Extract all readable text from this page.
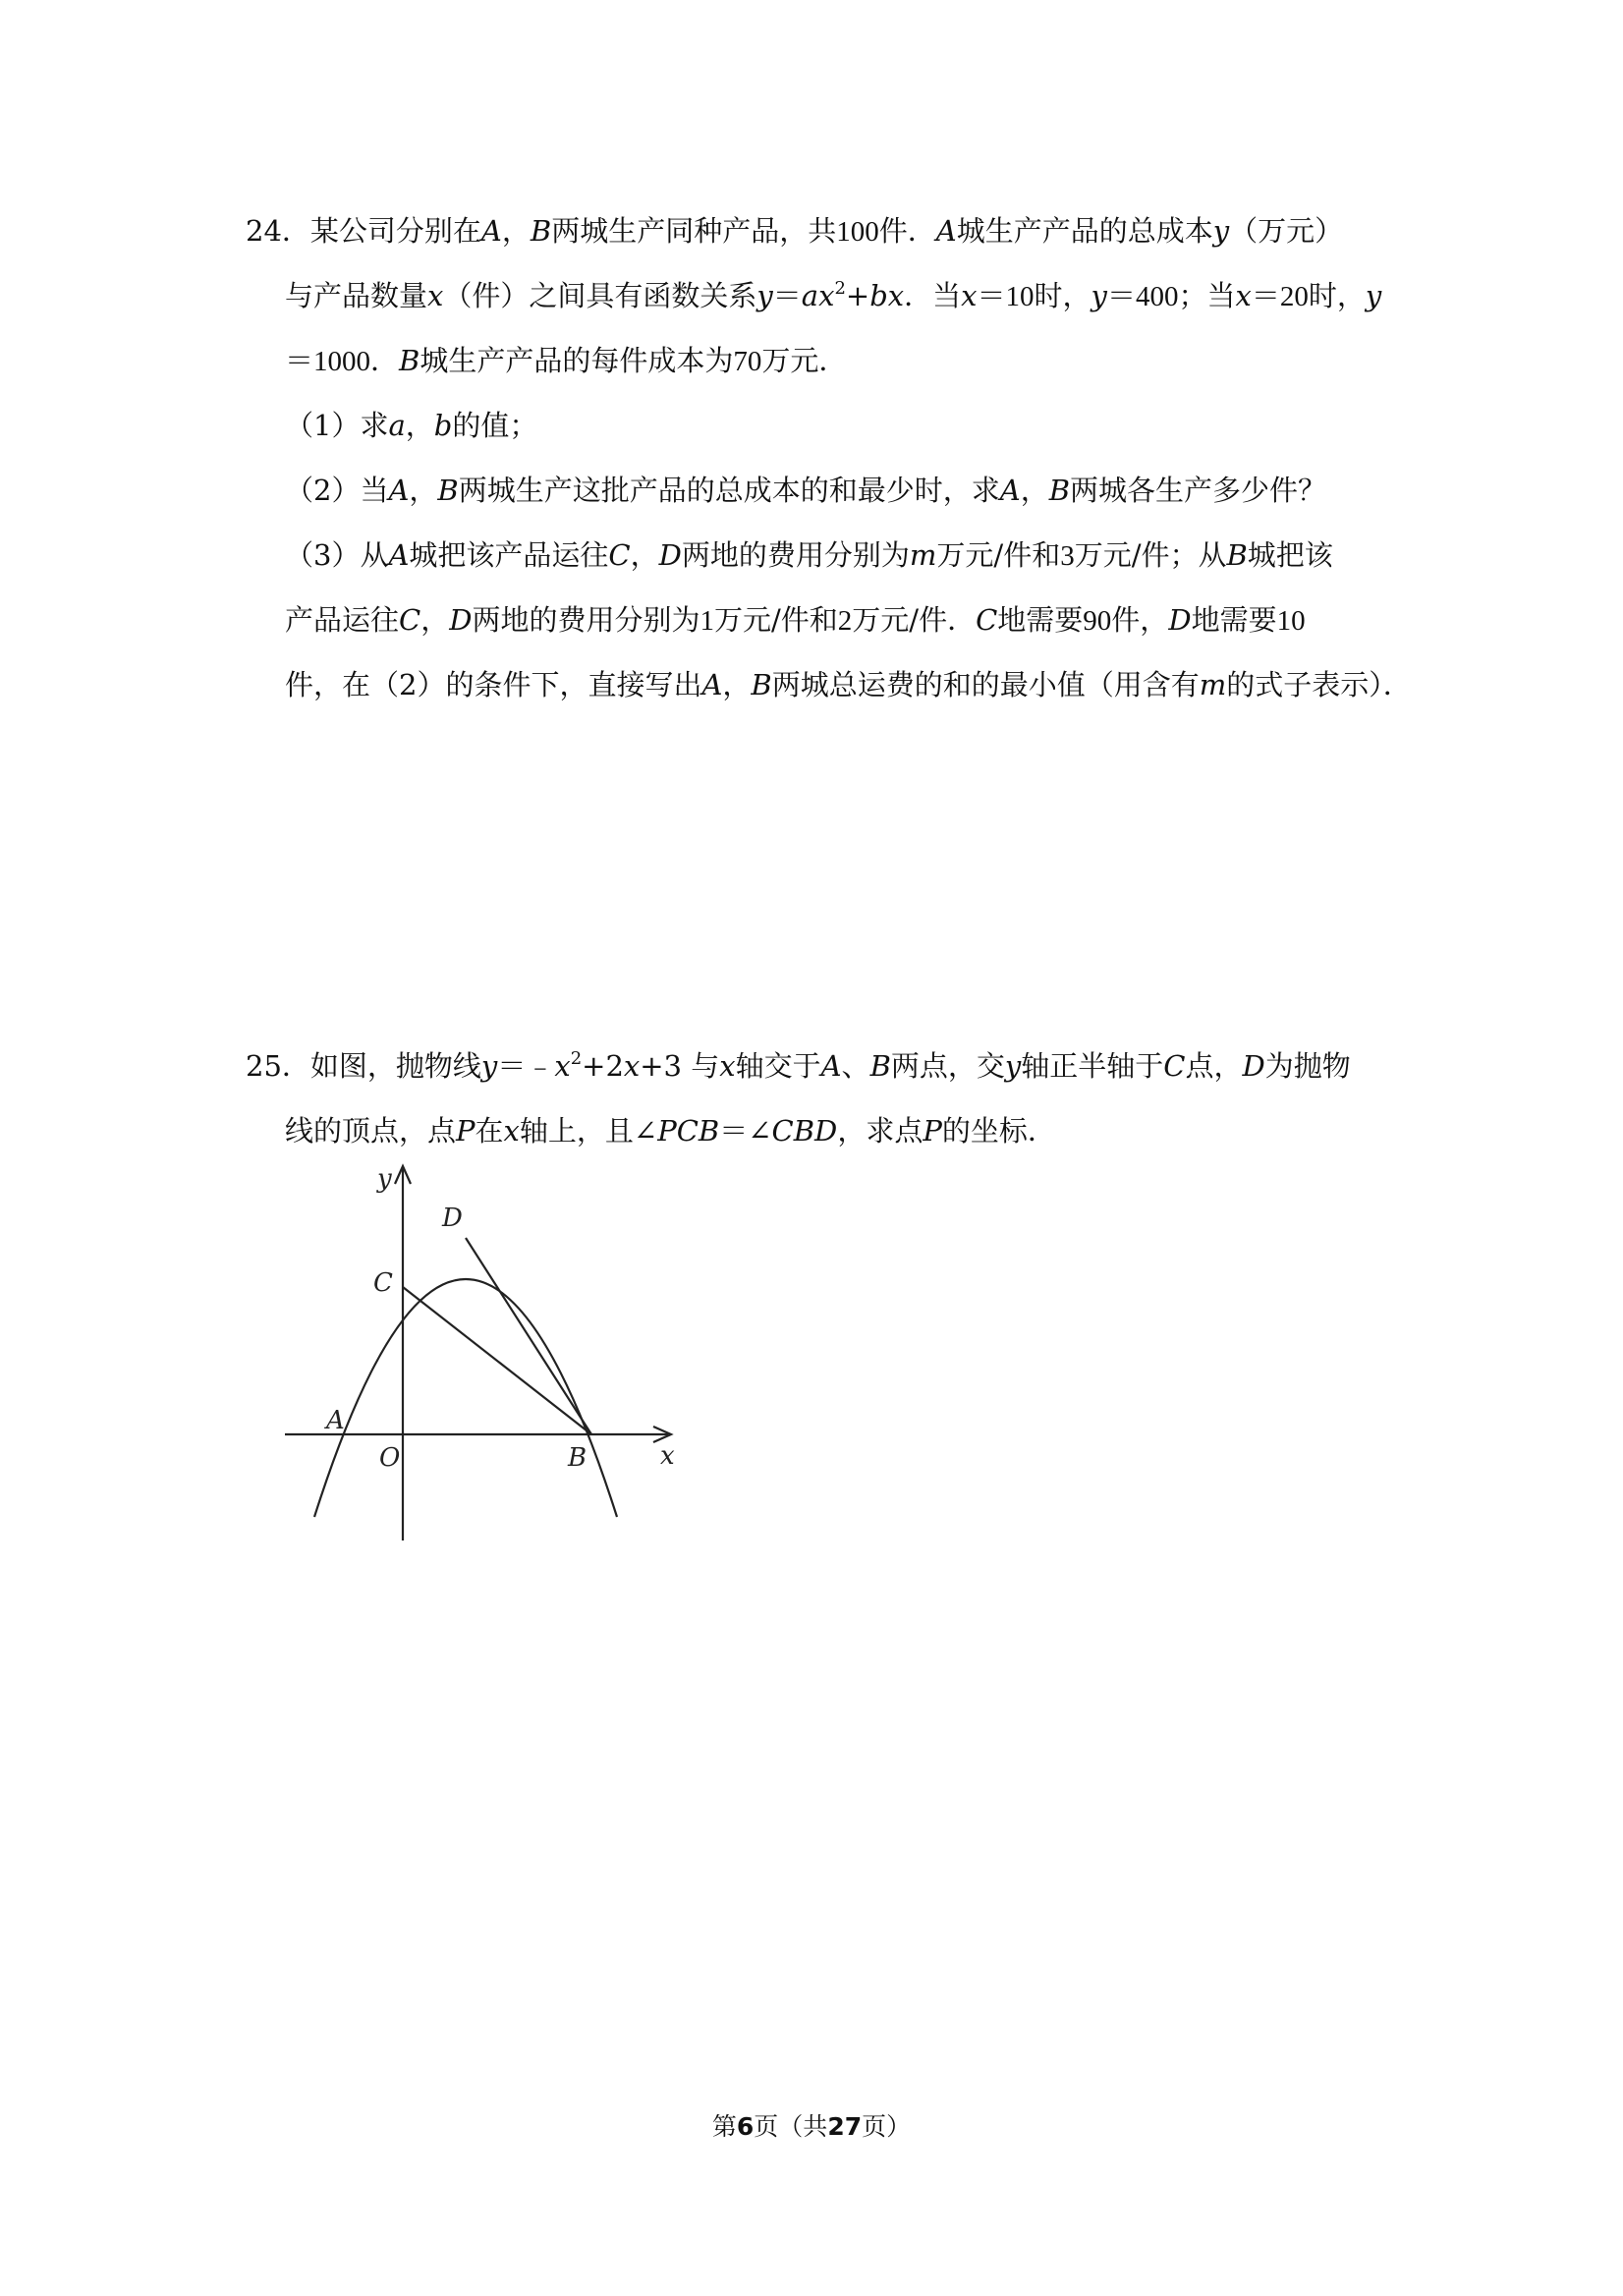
24．某公司分别在A，B两城生产同种产品，共100件．A城生产产品的总成本y（万元）
与产品数量x（件）之间具有函数关系$y=ax^2+bx$．当x＝10时，y＝400；当x＝20时，y
＝1000．B城生产产品的每件成本为70万元．
（1）求a，b的值；
（2）当A，B两城生产这批产品的总成本的和最少时，求A，B两城各生产多少件？
（3）从A城把该产品运往C，D两地的费用分别为m万元/件和3万元/件；从B城把该
产品运往C，D两地的费用分别为1万元/件和2万元/件．C地需要90件，D地需要10
件，在（2）的条件下，直接写出A，B两城总运费的和的最小值（用含有m的式子表示）．
25．如图，抛物线$y=﹣x^2+2x+3$ 与x轴交于A、B两点，交y轴正半轴于C点，D为抛物
线的顶点，点P在x轴上，且∠PCB＝∠CBD，求点P的坐标．
y
x
O
A
B
C
D
第6页（共27页）
